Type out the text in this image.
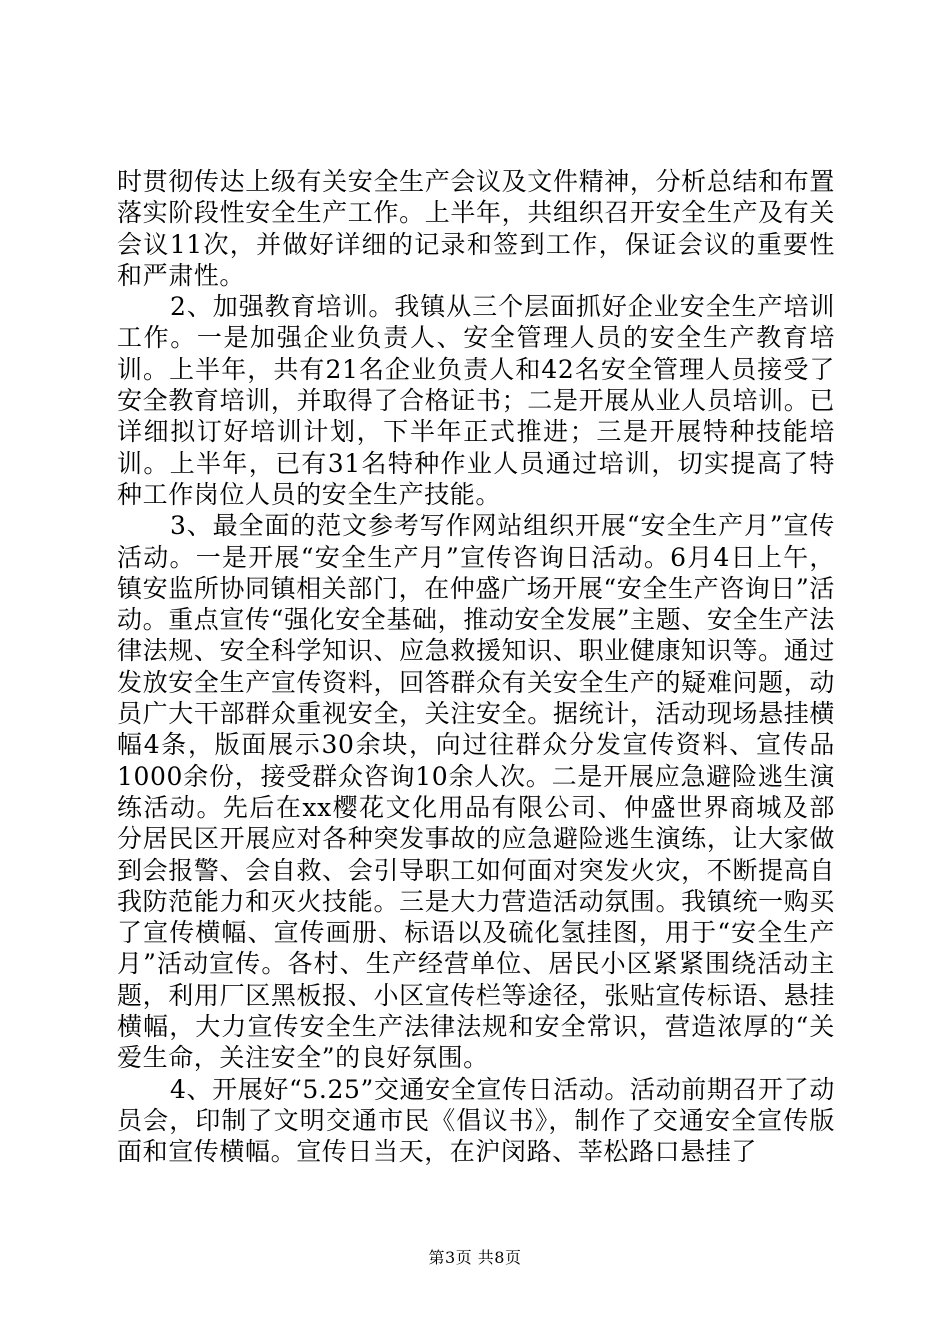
时贯彻传达上级有关安全生产会议及文件精神，分析总结和布置落实阶段性安全生产工作。上半年，共组织召开安全生产及有关会议11次，并做好详细的记录和签到工作，保证会议的重要性和严肃性。

2、加强教育培训。我镇从三个层面抓好企业安全生产培训工作。一是加强企业负责人、安全管理人员的安全生产教育培训。上半年，共有21名企业负责人和42名安全管理人员接受了安全教育培训，并取得了合格证书；二是开展从业人员培训。已详细拟订好培训计划，下半年正式推进；三是开展特种技能培训。上半年，已有31名特种作业人员通过培训，切实提高了特种工作岗位人员的安全生产技能。

3、最全面的范文参考写作网站组织开展“安全生产月”宣传活动。一是开展“安全生产月”宣传咨询日活动。6月4日上午，镇安监所协同镇相关部门，在仲盛广场开展“安全生产咨询日”活动。重点宣传“强化安全基础，推动安全发展”主题、安全生产法律法规、安全科学知识、应急救援知识、职业健康知识等。通过发放安全生产宣传资料，回答群众有关安全生产的疑难问题，动员广大干部群众重视安全，关注安全。据统计，活动现场悬挂横幅4条，版面展示30余块，向过往群众分发宣传资料、宣传品1000余份，接受群众咨询10余人次。二是开展应急避险逃生演练活动。先后在xx樱花文化用品有限公司、仲盛世界商城及部分居民区开展应对各种突发事故的应急避险逃生演练，让大家做到会报警、会自救、会引导职工如何面对突发火灾，不断提高自我防范能力和灭火技能。三是大力营造活动氛围。我镇统一购买了宣传横幅、宣传画册、标语以及硫化氢挂图，用于“安全生产月”活动宣传。各村、生产经营单位、居民小区紧紧围绕活动主题，利用厂区黑板报、小区宣传栏等途径，张贴宣传标语、悬挂横幅，大力宣传安全生产法律法规和安全常识，营造浓厚的“关爱生命，关注安全”的良好氛围。

4、开展好“5.25”交通安全宣传日活动。活动前期召开了动员会，印制了文明交通市民《倡议书》，制作了交通安全宣传版面和宣传横幅。宣传日当天，在沪闵路、莘松路口悬挂了

第3页 共8页
